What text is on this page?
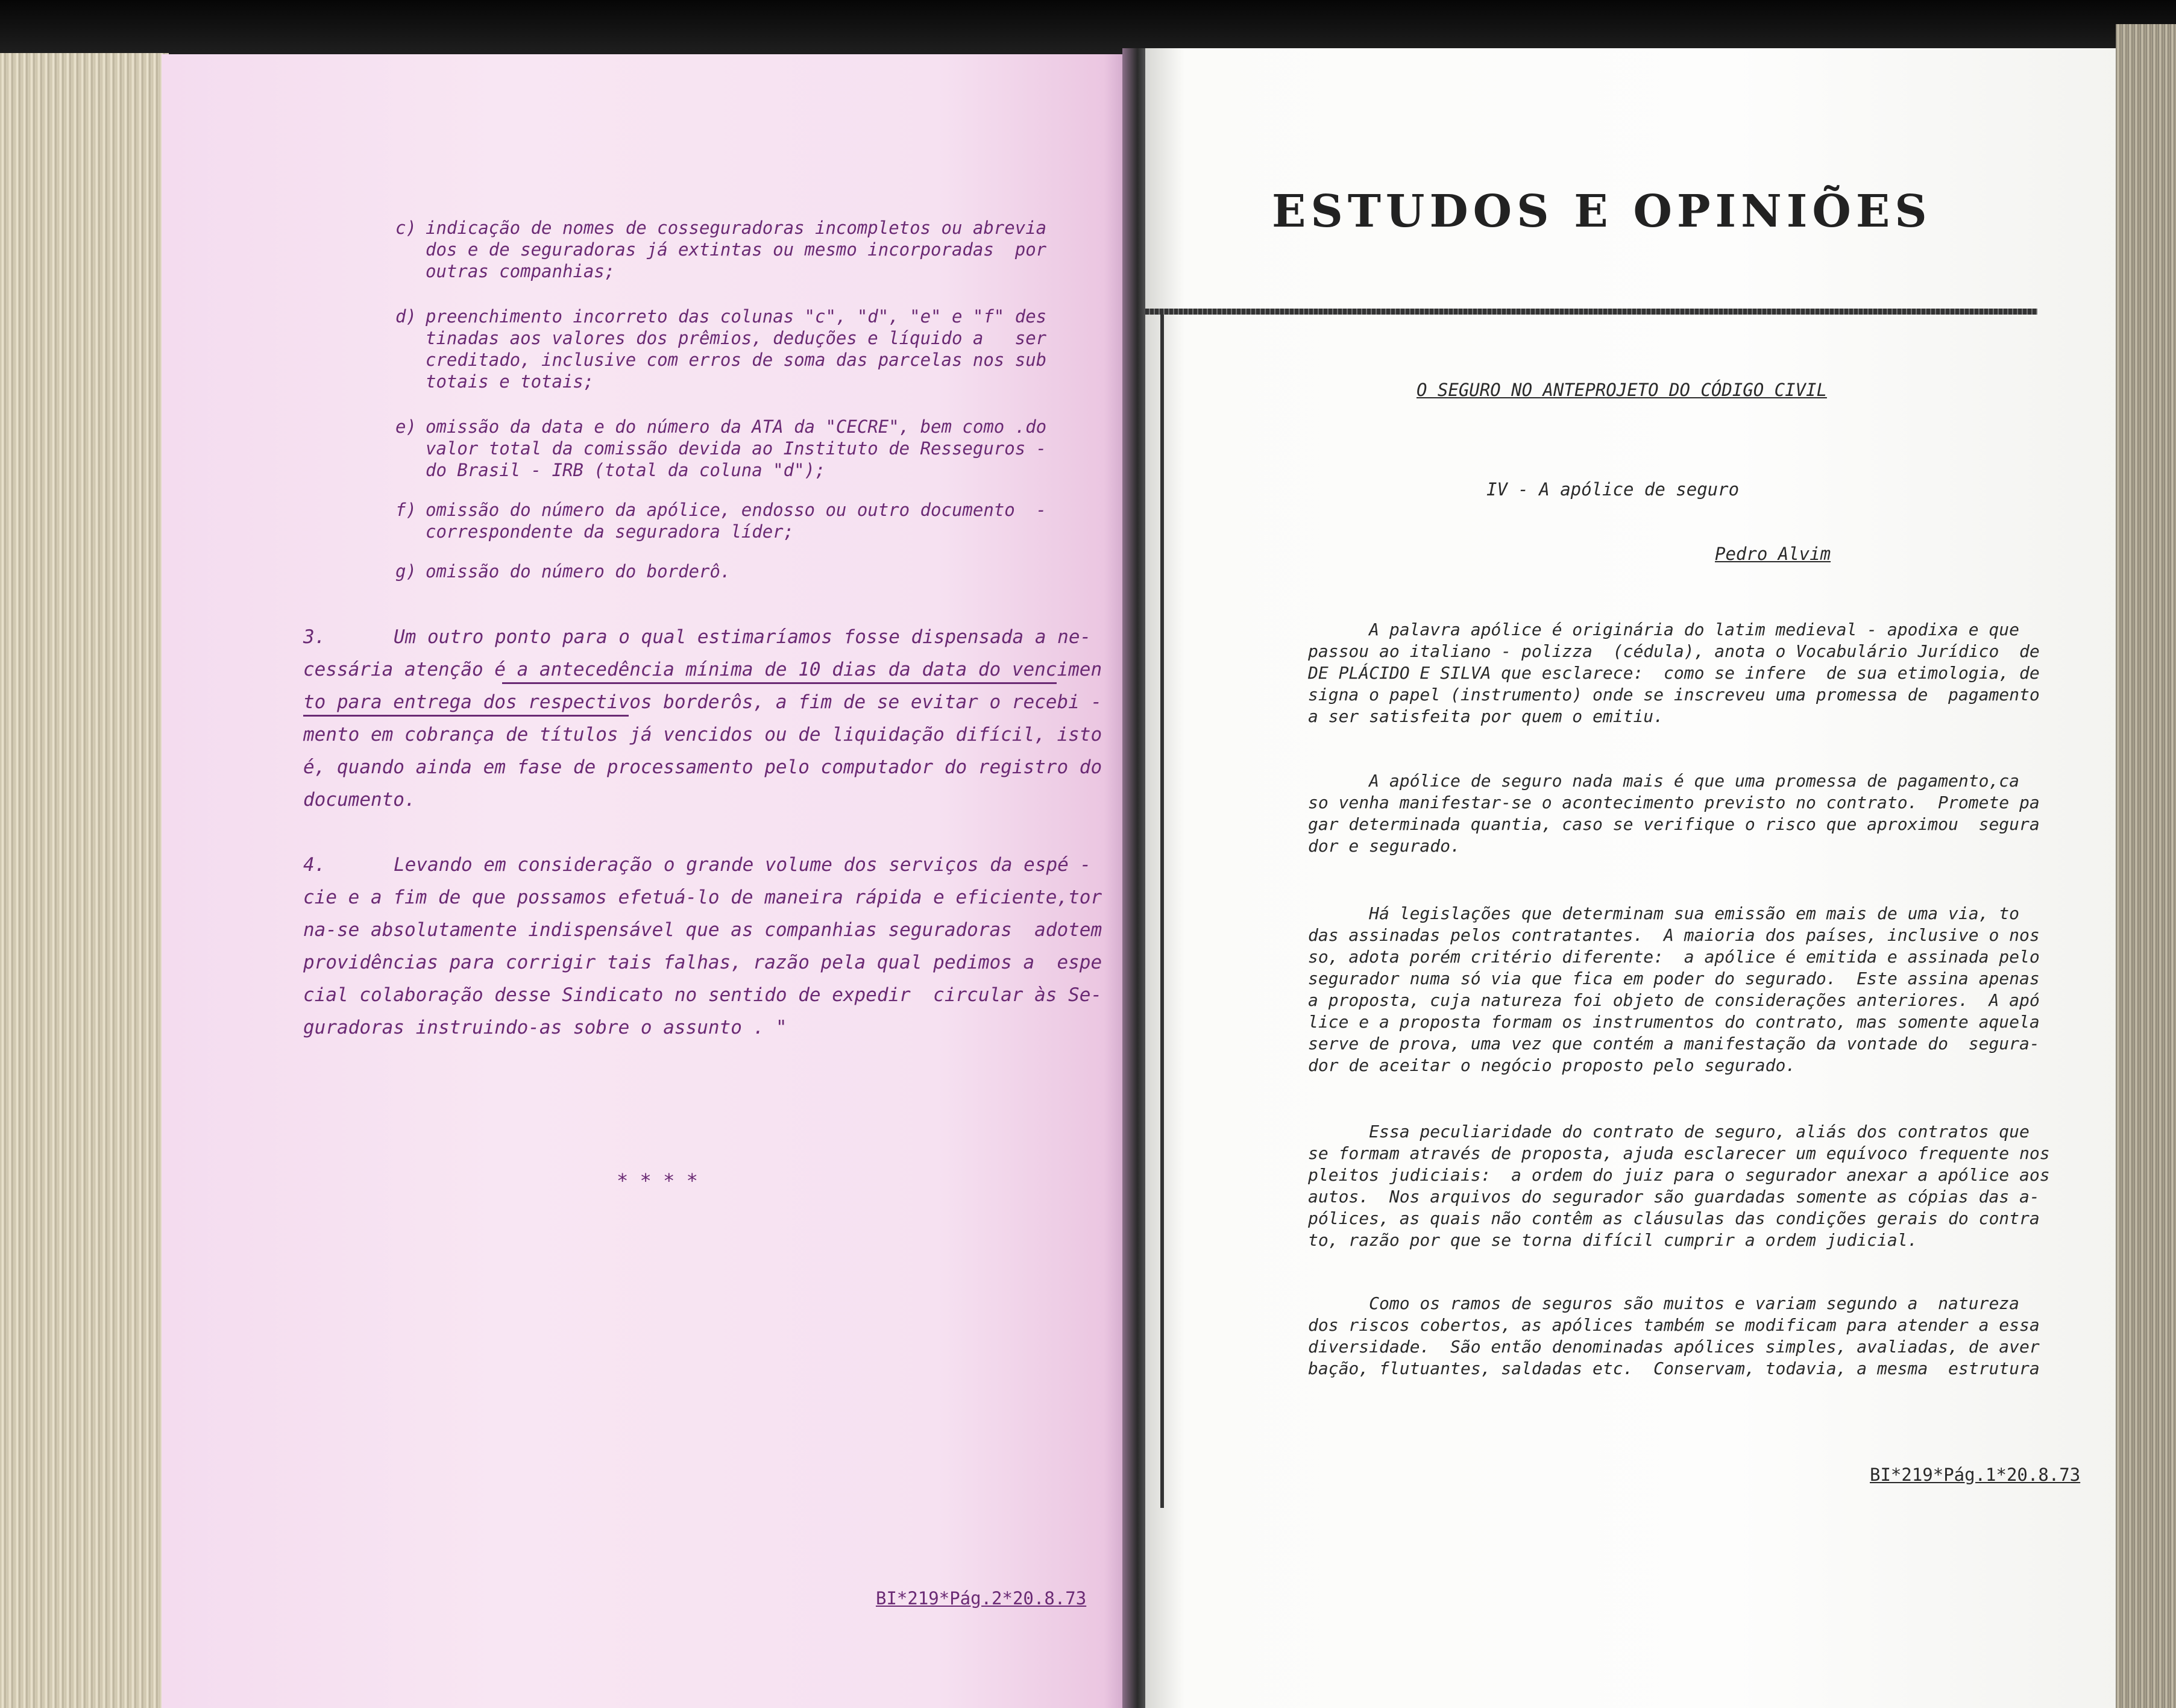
c) indicação de nomes de cosseguradoras incompletos ou abrevia
dos e de seguradoras já extintas ou mesmo incorporadas  por
outras companhias;
d) preenchimento incorreto das colunas "c", "d", "e" e "f" des
tinadas aos valores dos prêmios, deduções e líquido a   ser
creditado, inclusive com erros de soma das parcelas nos sub
totais e totais;
e) omissão da data e do número da ATA da "CECRE", bem como .do
valor total da comissão devida ao Instituto de Resseguros -
do Brasil - IRB (total da coluna "d");
f) omissão do número da apólice, endosso ou outro documento  -
correspondente da seguradora líder;
g) omissão do número do borderô.
3.	Um outro ponto para o qual estimaríamos fosse dispensada a ne-
cessária atenção é a antecedência mínima de 10 dias da data do vencimen
to para entrega dos respectivos borderôs, a fim de se evitar o recebi -
mento em cobrança de títulos já vencidos ou de liquidação difícil, isto
é, quando ainda em fase de processamento pelo computador do registro do
documento.
4.	Levando em consideração o grande volume dos serviços da espé -
cie e a fim de que possamos efetuá-lo de maneira rápida e eficiente,tor
na-se absolutamente indispensável que as companhias seguradoras  adotem
providências para corrigir tais falhas, razão pela qual pedimos a  espe
cial colaboração desse Sindicato no sentido de expedir  circular às Se-
guradoras instruindo-as sobre o assunto . "
* * * *
BI*219*Pág.2*20.8.73
ESTUDOS E OPINIÕES
O SEGURO NO ANTEPROJETO DO CÓDIGO CIVIL
IV - A apólice de seguro
Pedro Alvim
A palavra apólice é originária do latim medieval - apodixa e que
passou ao italiano - polizza  (cédula), anota o Vocabulário Jurídico  de
DE PLÁCIDO E SILVA que esclarece:  como se infere  de sua etimologia, de
signa o papel (instrumento) onde se inscreveu uma promessa de  pagamento
a ser satisfeita por quem o emitiu.
A apólice de seguro nada mais é que uma promessa de pagamento,ca
so venha manifestar-se o acontecimento previsto no contrato.  Promete pa
gar determinada quantia, caso se verifique o risco que aproximou  segura
dor e segurado.
Há legislações que determinam sua emissão em mais de uma via, to
das assinadas pelos contratantes.  A maioria dos países, inclusive o nos
so, adota porém critério diferente:  a apólice é emitida e assinada pelo
segurador numa só via que fica em poder do segurado.  Este assina apenas
a proposta, cuja natureza foi objeto de considerações anteriores.  A apó
lice e a proposta formam os instrumentos do contrato, mas somente aquela
serve de prova, uma vez que contém a manifestação da vontade do  segura-
dor de aceitar o negócio proposto pelo segurado.
Essa peculiaridade do contrato de seguro, aliás dos contratos que
se formam através de proposta, ajuda esclarecer um equívoco frequente nos
pleitos judiciais:  a ordem do juiz para o segurador anexar a apólice aos
autos.  Nos arquivos do segurador são guardadas somente as cópias das a-
pólices, as quais não contêm as cláusulas das condições gerais do contra
to, razão por que se torna difícil cumprir a ordem judicial.
Como os ramos de seguros são muitos e variam segundo a  natureza
dos riscos cobertos, as apólices também se modificam para atender a essa
diversidade.  São então denominadas apólices simples, avaliadas, de aver
bação, flutuantes, saldadas etc.  Conservam, todavia, a mesma  estrutura
BI*219*Pág.1*20.8.73
